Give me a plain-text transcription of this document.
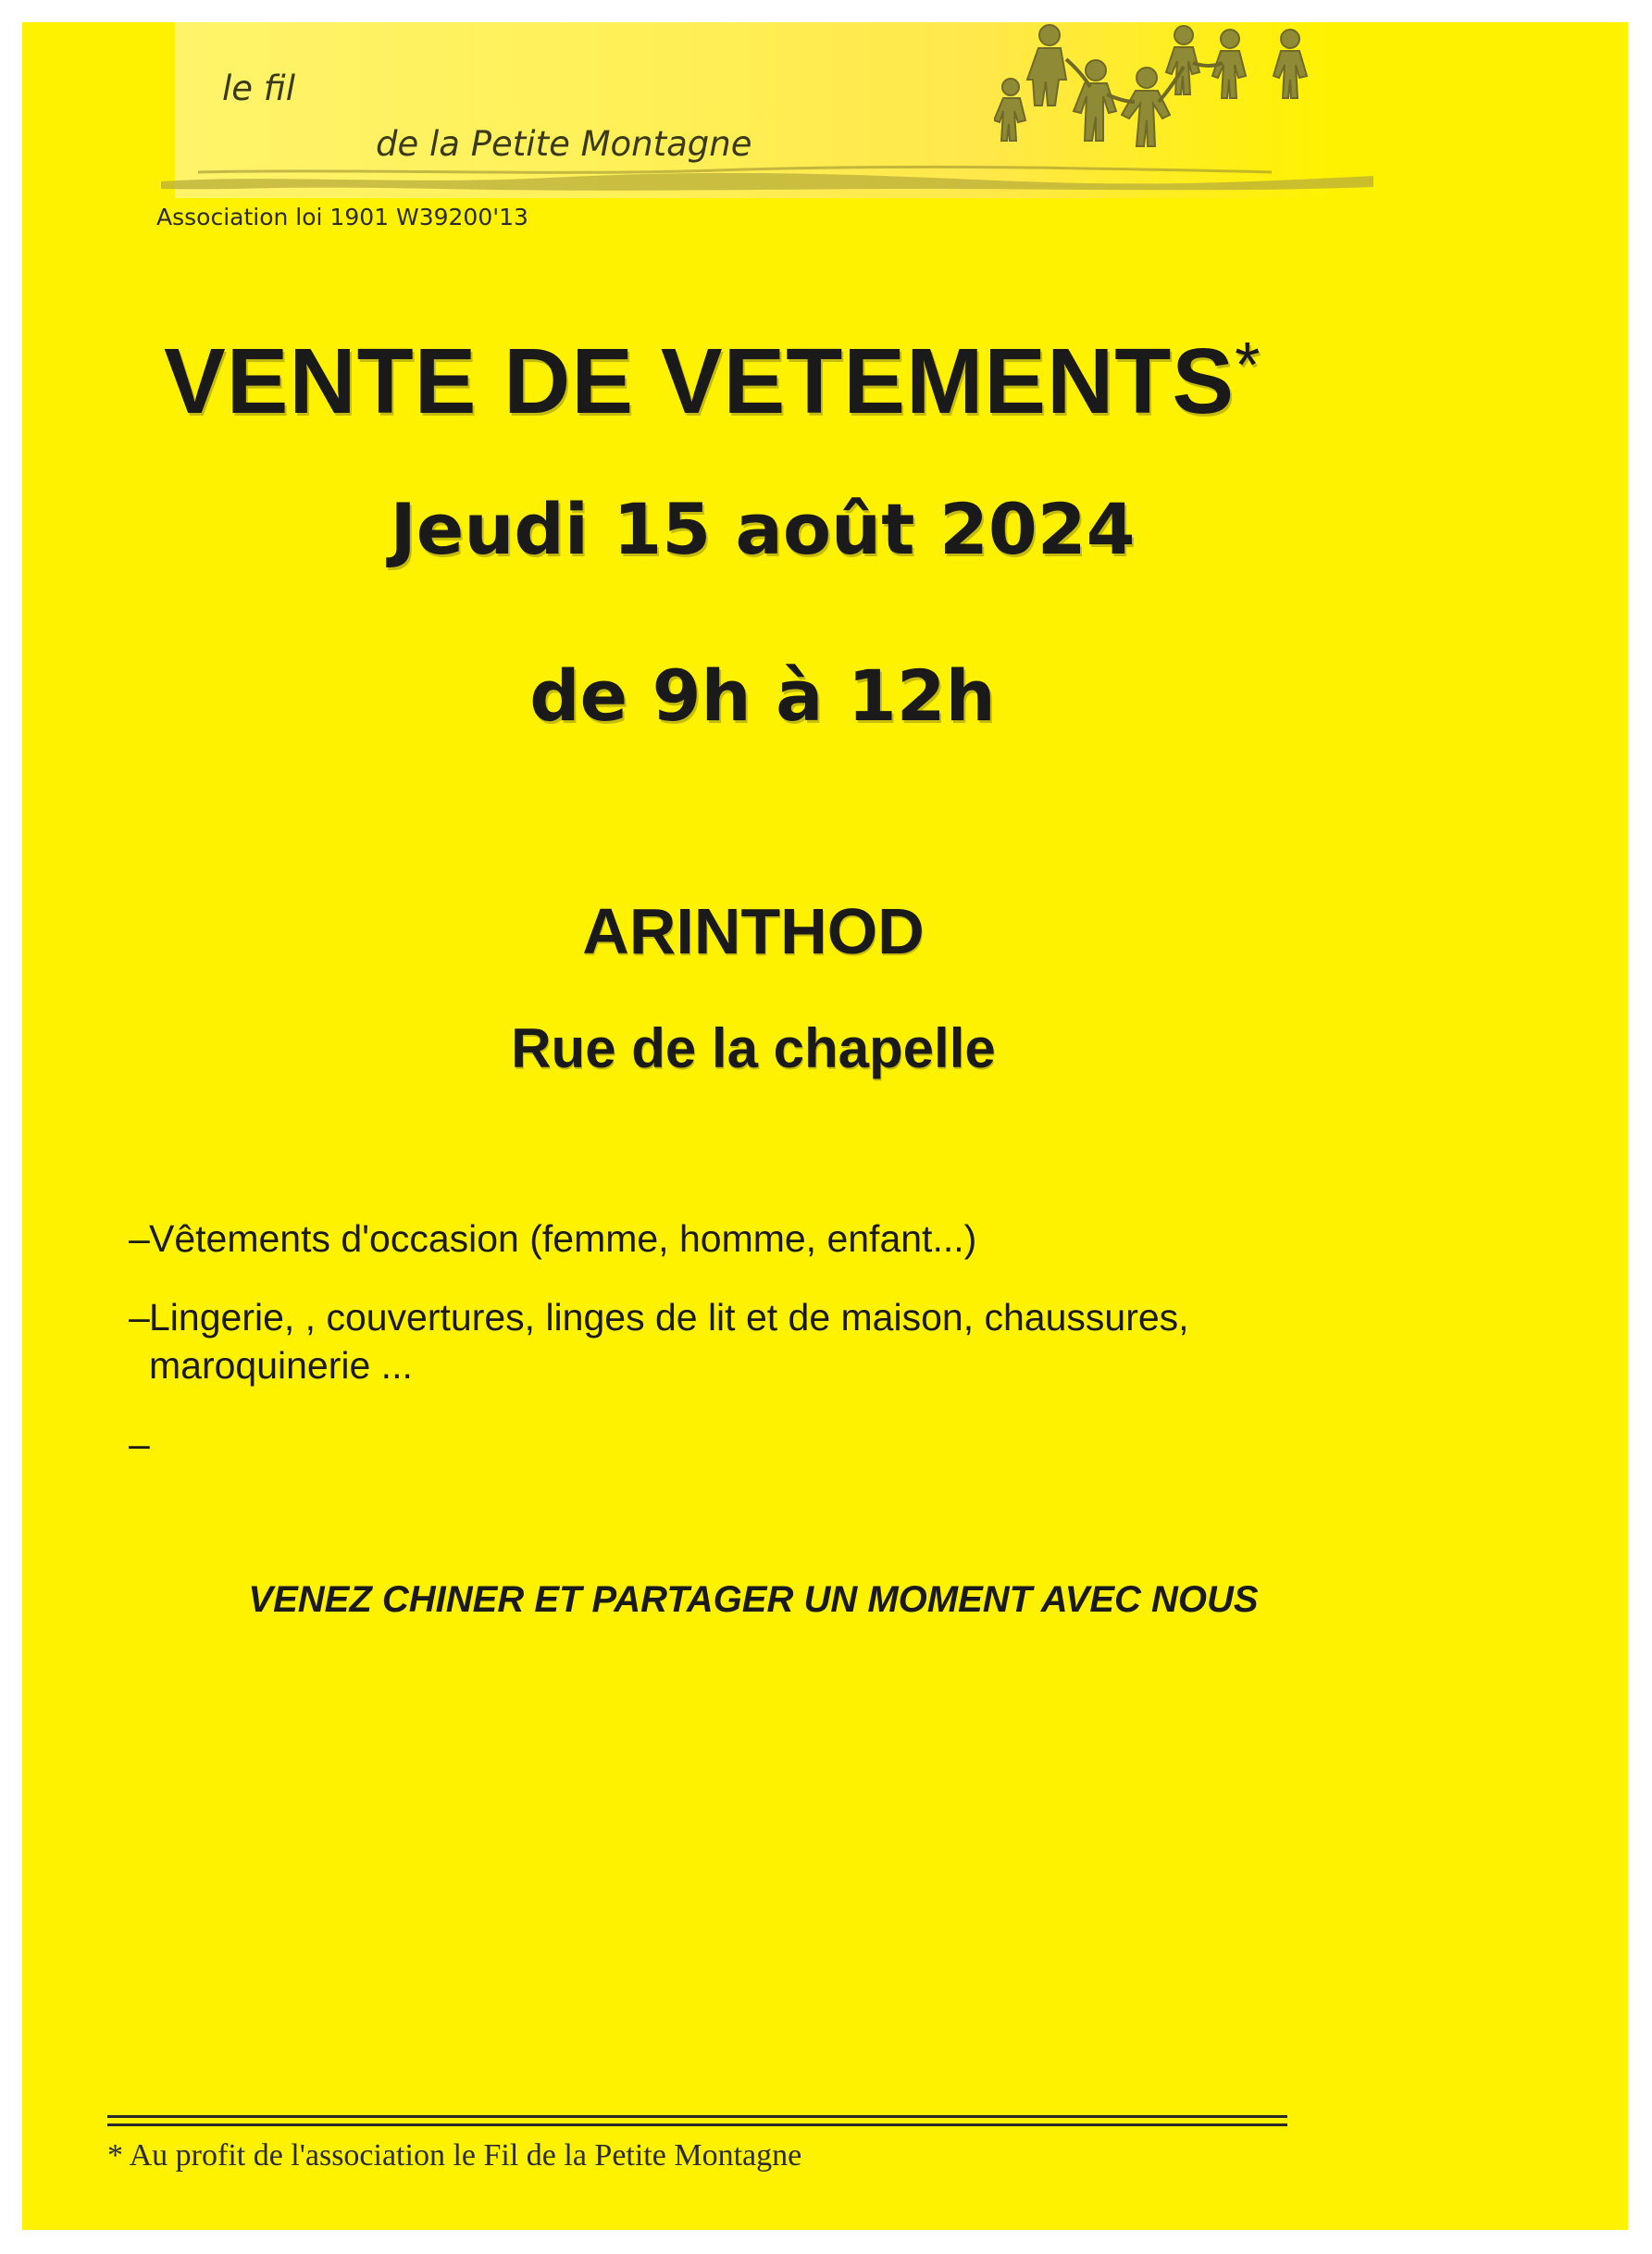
le fil
de la Petite Montagne
Association loi 1901 W39200'13
VENTE DE VETEMENTS*
Jeudi 15 août 2024
de 9h à 12h
ARINTHOD
Rue de la chapelle
– Vêtements d'occasion (femme, homme, enfant...)
– Lingerie, , couvertures, linges de lit et de maison, chaussures, maroquinerie ...
–
VENEZ CHINER ET PARTAGER UN MOMENT AVEC NOUS
* Au profit de l'association le Fil de la Petite Montagne
